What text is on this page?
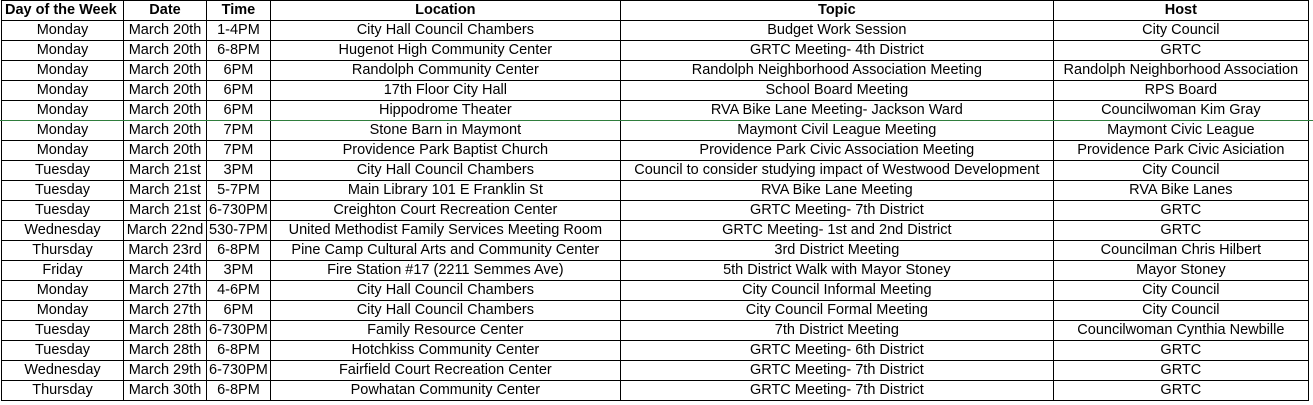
Day of the Week	Date	Time	Location	Topic	Host
Monday	March 20th	1-4PM	City Hall Council Chambers	Budget Work Session	City Council
Monday	March 20th	6-8PM	Hugenot High Community Center	GRTC Meeting- 4th District	GRTC
Monday	March 20th	6PM	Randolph Community Center	Randolph Neighborhood Association Meeting	Randolph Neighborhood Association
Monday	March 20th	6PM	17th Floor City Hall	School Board Meeting	RPS Board
Monday	March 20th	6PM	Hippodrome Theater	RVA Bike Lane Meeting- Jackson Ward	Councilwoman Kim Gray
Monday	March 20th	7PM	Stone Barn in Maymont	Maymont Civil League Meeting	Maymont Civic League
Monday	March 20th	7PM	Providence Park Baptist Church	Providence Park Civic Association Meeting	Providence Park Civic Asiciation
Tuesday	March 21st	3PM	City Hall Council Chambers	Council to consider studying impact of Westwood Development	City Council
Tuesday	March 21st	5-7PM	Main Library 101 E Franklin St	RVA Bike Lane Meeting	RVA Bike Lanes
Tuesday	March 21st	6-730PM	Creighton Court Recreation Center	GRTC Meeting- 7th District	GRTC
Wednesday	March 22nd	530-7PM	United Methodist Family Services Meeting Room	GRTC Meeting- 1st and 2nd District	GRTC
Thursday	March 23rd	6-8PM	Pine Camp Cultural Arts and Community Center	3rd District Meeting	Councilman Chris Hilbert
Friday	March 24th	3PM	Fire Station #17 (2211 Semmes Ave)	5th District Walk with Mayor Stoney	Mayor Stoney
Monday	March 27th	4-6PM	City Hall Council Chambers	City Council Informal Meeting	City Council
Monday	March 27th	6PM	City Hall Council Chambers	City Council Formal Meeting	City Council
Tuesday	March 28th	6-730PM	Family Resource Center	7th District Meeting	Councilwoman Cynthia Newbille
Tuesday	March 28th	6-8PM	Hotchkiss Community Center	GRTC Meeting- 6th District	GRTC
Wednesday	March 29th	6-730PM	Fairfield Court Recreation Center	GRTC Meeting- 7th District	GRTC
Thursday	March 30th	6-8PM	Powhatan Community Center	GRTC Meeting- 7th District	GRTC
